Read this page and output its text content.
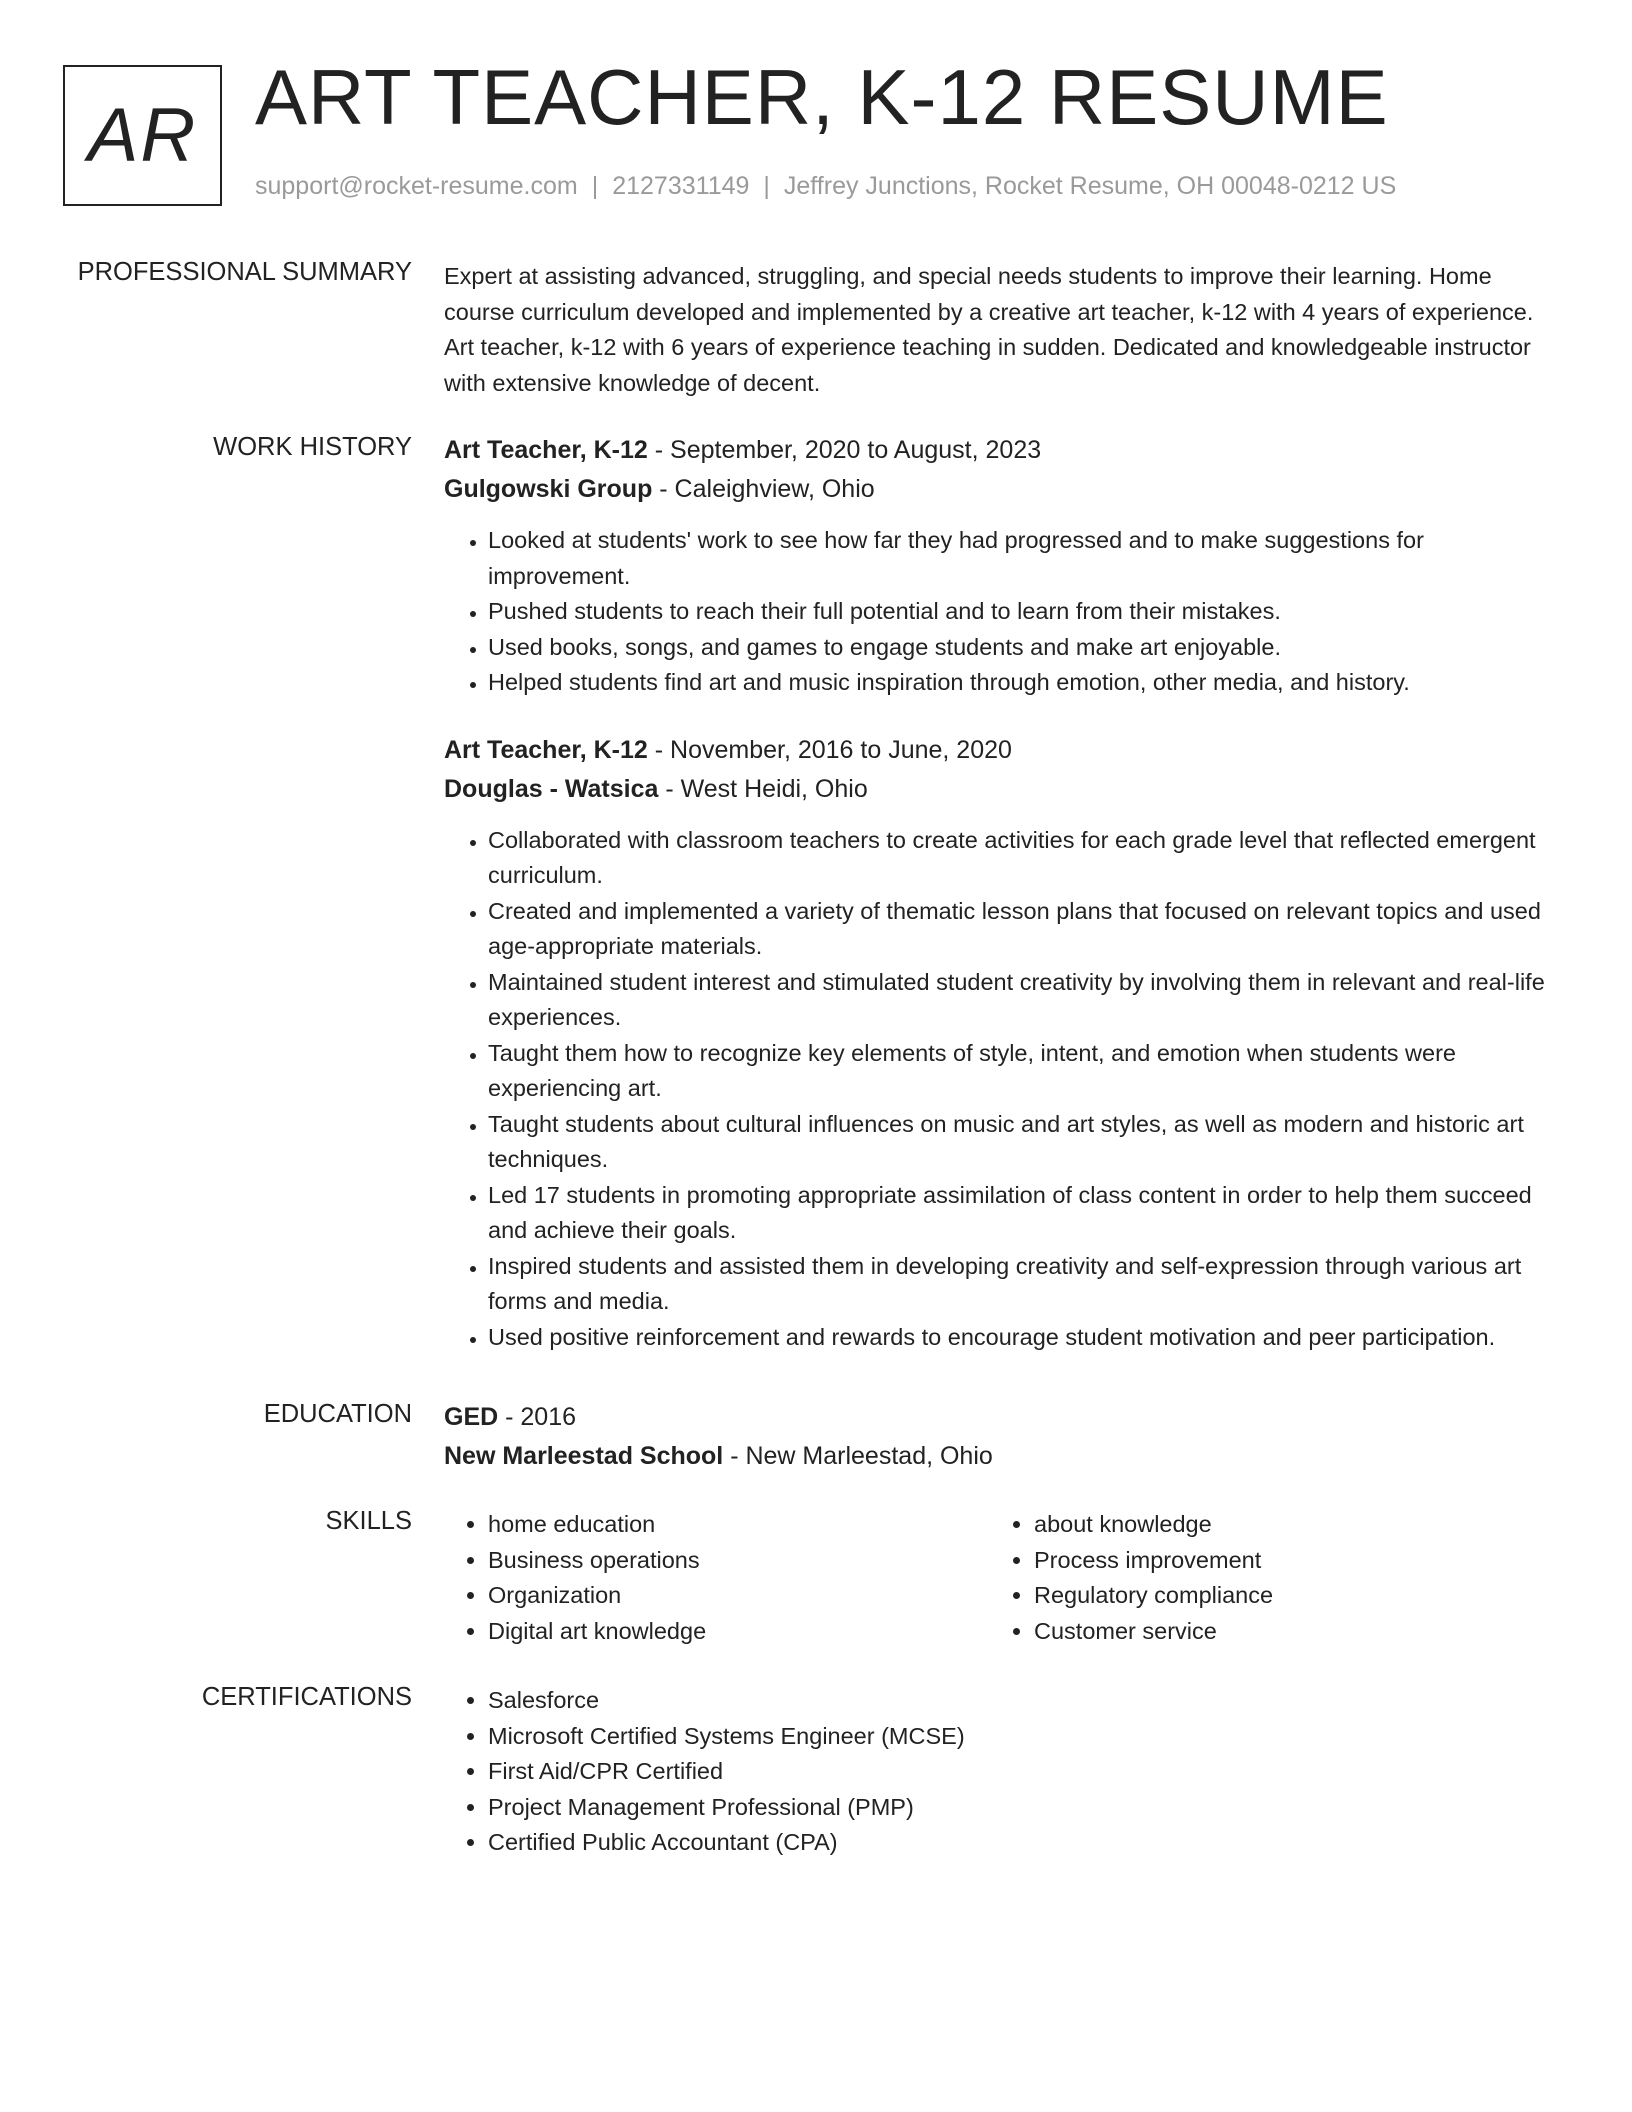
AR ART TEACHER, K-12 RESUME
support@rocket-resume.com | 2127331149 | Jeffrey Junctions, Rocket Resume, OH 00048-0212 US
PROFESSIONAL SUMMARY Expert at assisting advanced, struggling, and special needs students to improve their learning. Home course curriculum developed and implemented by a creative art teacher, k-12 with 4 years of experience. Art teacher, k-12 with 6 years of experience teaching in sudden. Dedicated and knowledgeable instructor with extensive knowledge of decent.
WORK HISTORY Art Teacher, K-12 - September, 2020 to August, 2023
Gulgowski Group - Caleighview, Ohio
• Looked at students' work to see how far they had progressed and to make suggestions for improvement.
• Pushed students to reach their full potential and to learn from their mistakes.
• Used books, songs, and games to engage students and make art enjoyable.
• Helped students find art and music inspiration through emotion, other media, and history.
Art Teacher, K-12 - November, 2016 to June, 2020
Douglas - Watsica - West Heidi, Ohio
• Collaborated with classroom teachers to create activities for each grade level that reflected emergent curriculum.
• Created and implemented a variety of thematic lesson plans that focused on relevant topics and used age-appropriate materials.
• Maintained student interest and stimulated student creativity by involving them in relevant and real-life experiences.
• Taught them how to recognize key elements of style, intent, and emotion when students were experiencing art.
• Taught students about cultural influences on music and art styles, as well as modern and historic art techniques.
• Led 17 students in promoting appropriate assimilation of class content in order to help them succeed and achieve their goals.
• Inspired students and assisted them in developing creativity and self-expression through various art forms and media.
• Used positive reinforcement and rewards to encourage student motivation and peer participation.
EDUCATION GED - 2016
New Marleestad School - New Marleestad, Ohio
SKILLS	• home education
• Business operations
• Organization
• Digital art knowledge
• about knowledge
• Process improvement
• Regulatory compliance
• Customer service
CERTIFICATIONS	• Salesforce
• Microsoft Certified Systems Engineer (MCSE)
• First Aid/CPR Certified
• Project Management Professional (PMP)
• Certified Public Accountant (CPA)
